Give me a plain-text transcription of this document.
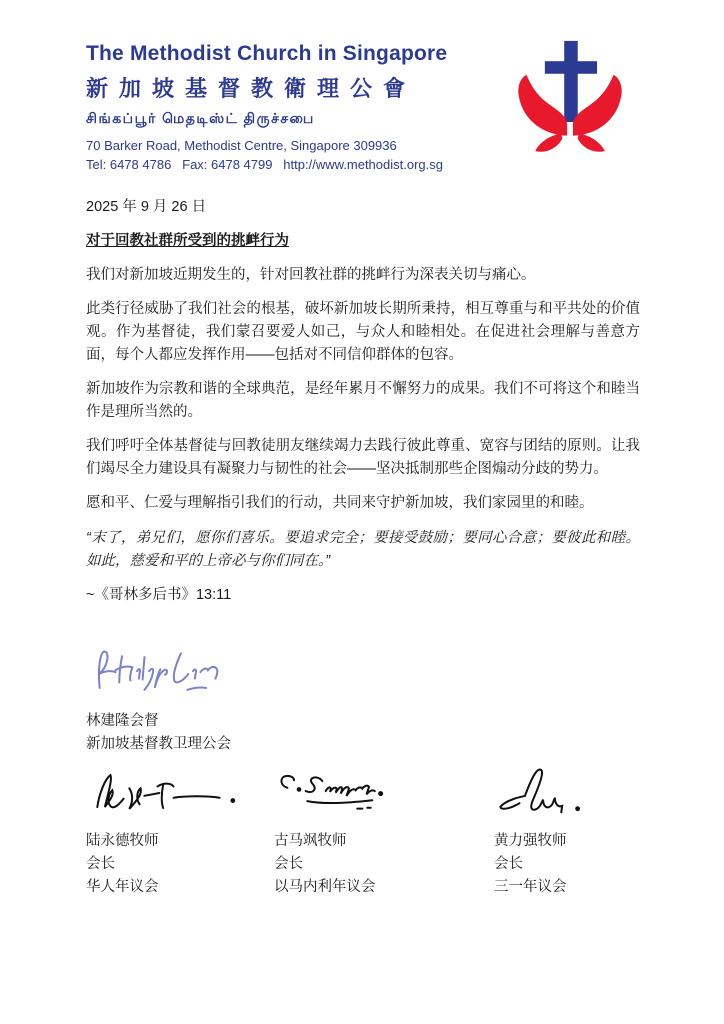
The Methodist Church in Singapore
新加坡基督教衛理公會
சிங்கப்பூர் மெதடிஸ்ட் திருச்சபை
70 Barker Road, Methodist Centre, Singapore 309936
Tel: 6478 4786   Fax: 6478 4799   http://www.methodist.org.sg

2025 年 9 月 26 日

对于回教社群所受到的挑衅行为

我们对新加坡近期发生的，针对回教社群的挑衅行为深表关切与痛心。

此类行径威胁了我们社会的根基，破坏新加坡长期所秉持，相互尊重与和平共处的价值观。作为基督徒，我们蒙召要爱人如己，与众人和睦相处。在促进社会理解与善意方面，每个人都应发挥作用——包括对不同信仰群体的包容。

新加坡作为宗教和谐的全球典范，是经年累月不懈努力的成果。我们不可将这个和睦当作是理所当然的。

我们呼吁全体基督徒与回教徒朋友继续竭力去践行彼此尊重、宽容与团结的原则。让我们竭尽全力建设具有凝聚力与韧性的社会——坚决抵制那些企图煽动分歧的势力。

愿和平、仁爱与理解指引我们的行动，共同来守护新加坡，我们家园里的和睦。

“末了，弟兄们，愿你们喜乐。要追求完全；要接受鼓励；要同心合意；要彼此和睦。如此，慈爱和平的上帝必与你们同在。”

~《哥林多后书》13:11

林建隆会督
新加坡基督教卫理公会
陆永德牧师
会长
华人年议会
古马飒牧师
会长
以马内利年议会
黄力强牧师
会长
三一年议会
